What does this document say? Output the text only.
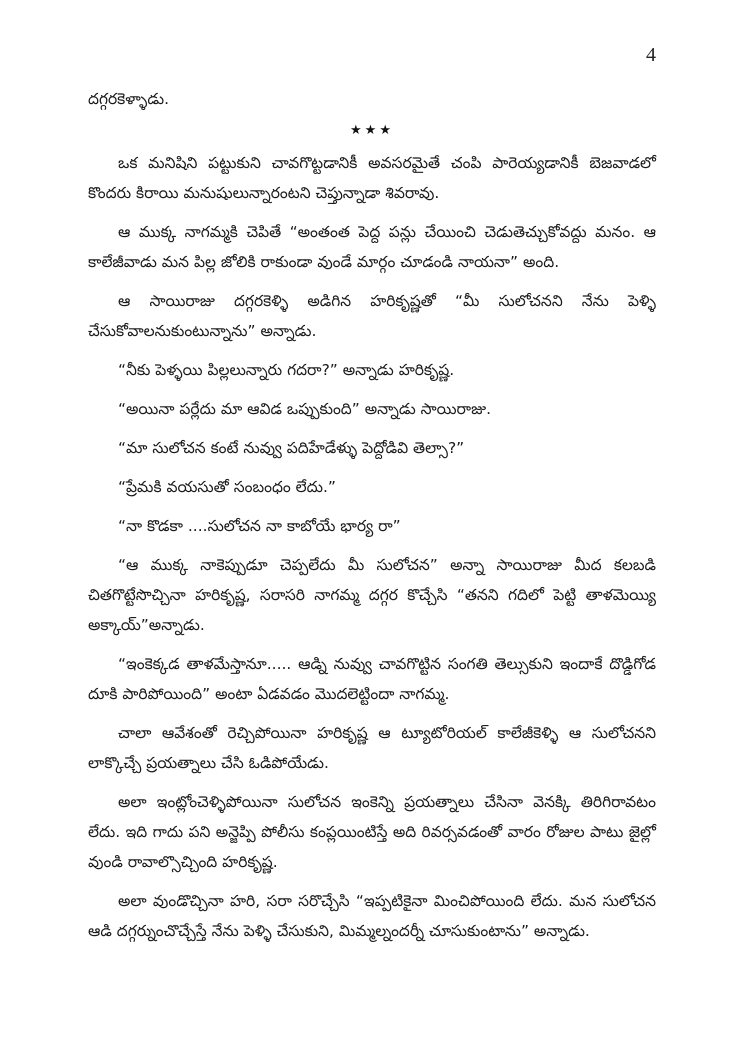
4

దగ్గరకెళ్ళాడు.

★★★

ఒక మనిషిని పట్టుకుని చావగొట్టడానికీ అవసరమైతే చంపి పారెయ్యడానికీ బెజవాడలో కొందరు కిరాయి మనుషులున్నారంటని చెప్తున్నాడా శివరావు.

ఆ ముక్క నాగమ్మకి చెపితే “అంతంత పెద్ద పన్లు చేయించి చెడుతెచ్చుకోవద్దు మనం. ఆ కాలేజీవాడు మన పిల్ల జోలికి రాకుండా వుండే మార్గం చూడండి నాయనా” అంది.

ఆ సాయిరాజు దగ్గరకెళ్ళి అడిగిన హరికృష్ణతో “మీ సులోచనని నేను పెళ్ళి చేసుకోవాలనుకుంటున్నాను” అన్నాడు.

“నీకు పెళ్ళయి పిల్లలున్నారు గదరా?” అన్నాడు హరికృష్ణ.

“అయినా పర్లేదు మా ఆవిడ ఒప్పుకుంది” అన్నాడు సాయిరాజు.

“మా సులోచన కంటే నువ్వు పదిహేడేళ్ళు పెద్దోడివి తెల్సా?”

“ప్రేమకి వయసుతో సంబంధం లేదు.”

“నా కొడకా ....సులోచన నా కాబోయే భార్య రా”

“ఆ ముక్క నాకెప్పుడూ చెప్పలేదు మీ సులోచన” అన్నా సాయిరాజు మీద కలబడి చితగొట్టేసొచ్చినా హరికృష్ణ, సరాసరి నాగమ్మ దగ్గర కొచ్చేసి “తనని గదిలో పెట్టి తాళమెయ్యి అక్కాయ్”అన్నాడు.

“ఇంకెక్కడ తాళమేస్తానూ..... ఆడ్ని నువ్వు చావగొట్టిన సంగతి తెల్సుకుని ఇందాకే దొడ్డిగోడ దూకి పారిపోయింది” అంటా ఏడవడం మొదలెట్టిందా నాగమ్మ.

చాలా ఆవేశంతో రెచ్చిపోయినా హరికృష్ణ ఆ ట్యూటోరియల్ కాలేజీకెళ్ళి ఆ సులోచనని లాక్కొచ్చే ప్రయత్నాలు చేసి ఓడిపోయేడు.

అలా ఇంట్లోంచెళ్ళిపోయినా సులోచన ఇంకెన్ని ప్రయత్నాలు చేసినా వెనక్కి తిరిగిరావటం లేదు. ఇది గాదు పని అన్జెప్పి పోలీసు కంప్లయింటిస్తే అది రివర్సవడంతో వారం రోజుల పాటు జైల్లో వుండి రావాల్సొచ్చింది హరికృష్ణ.

అలా వుండొచ్చినా హరి, సరా సరొచ్చేసి “ఇప్పటికైనా మించిపోయింది లేదు. మన సులోచన ఆడి దగ్గర్నుంచొచ్చేస్తే నేను పెళ్ళి చేసుకుని, మిమ్మల్నందర్నీ చూసుకుంటాను” అన్నాడు.
